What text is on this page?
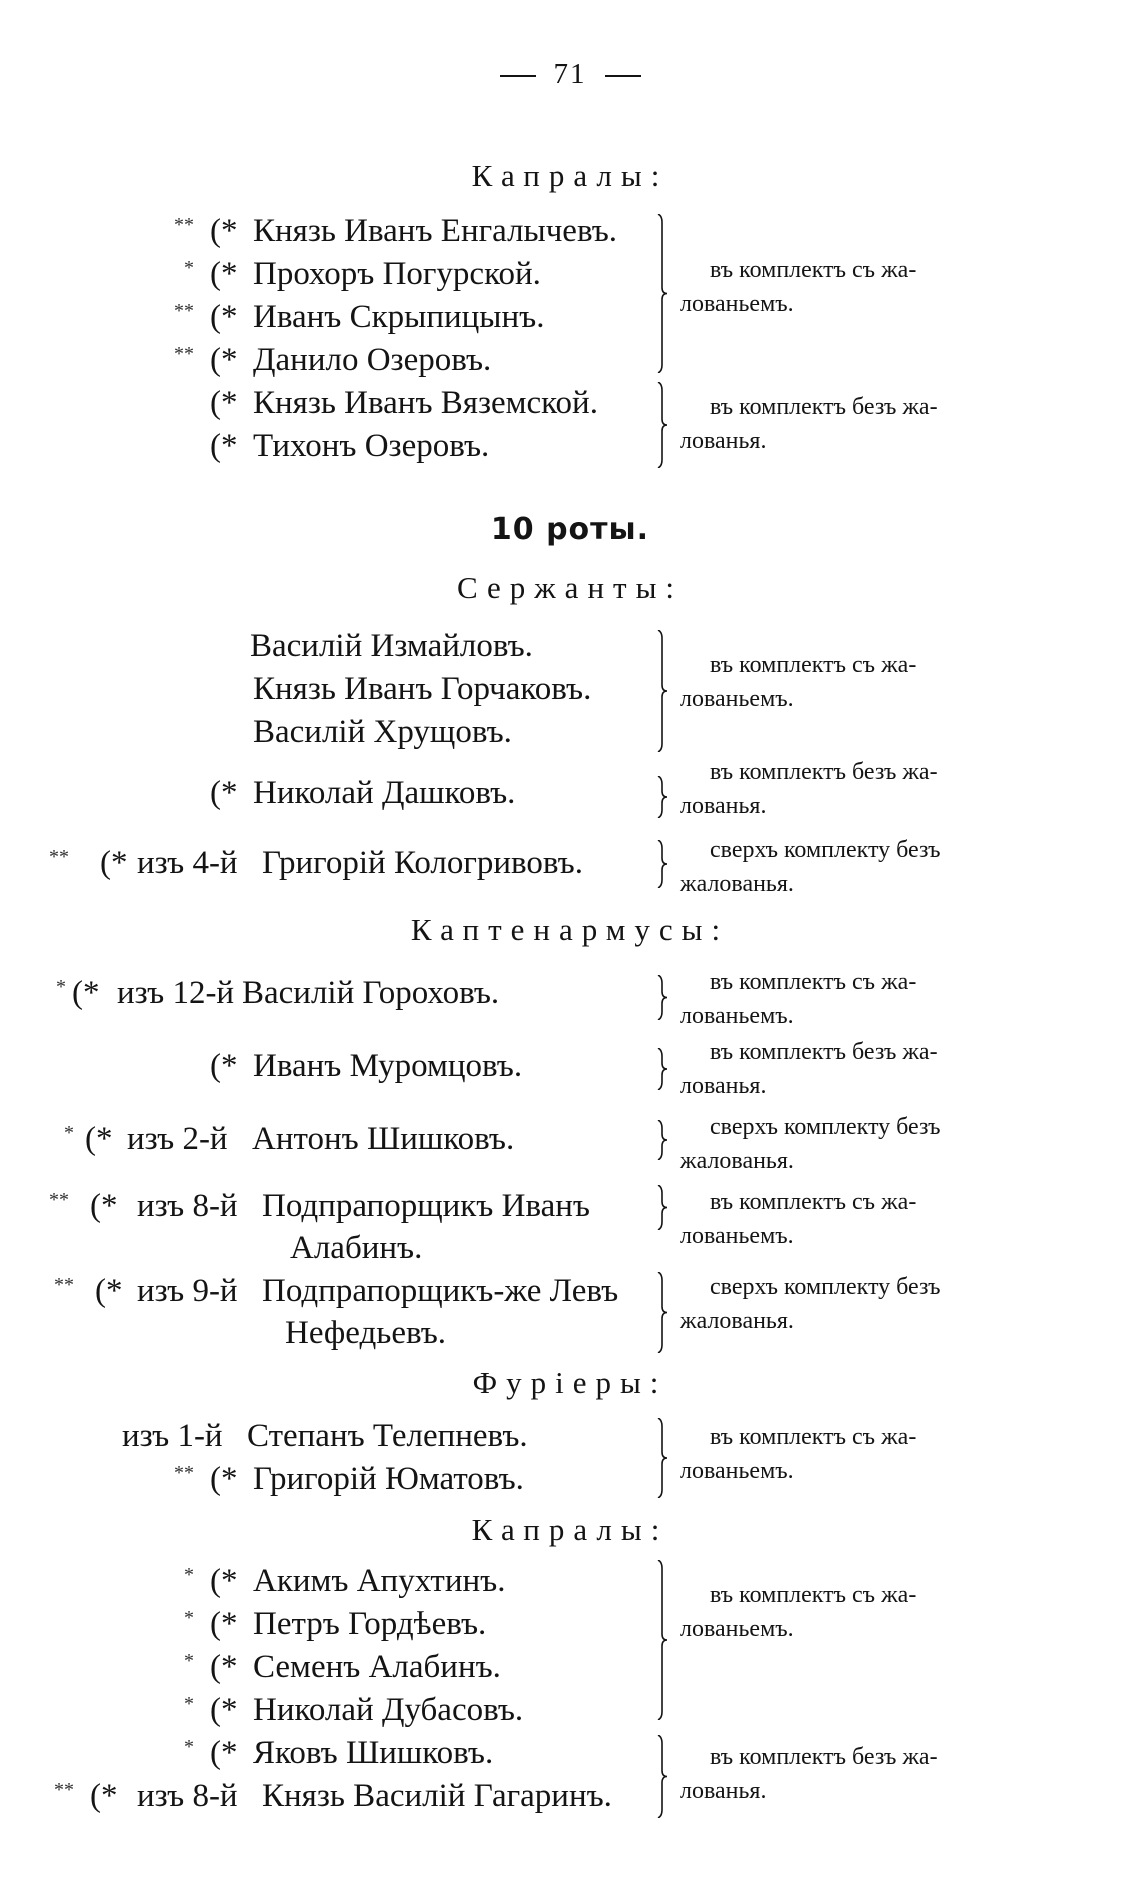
71
Капралы:
10 роты.
Сержанты:
Каптенармусы:
Фуріеры:
Капралы:
** (* Князь Иванъ Енгалычевъ.
* (* Прохоръ Погурской.
** (* Иванъ Скрыпицынъ.
** (* Данило Озеровъ.
(* Князь Иванъ Вяземской.
(* Тихонъ Озеровъ.
Василій Измайловъ.
Князь Иванъ Горчаковъ.
Василій Хрущовъ.
(* Николай Дашковъ.
** (* изъ 4-й Григорій Кологривовъ.
* (* изъ 12-й Василій Гороховъ.
(* Иванъ Муромцовъ.
* (* изъ 2-й Антонъ Шишковъ.
** (* изъ 8-й Подпрапорщикъ Иванъ
Алабинъ.
** (* изъ 9-й Подпрапорщикъ-же Левъ
Нефедьевъ.
изъ 1-й Степанъ Телепневъ.
** (* Григорій Юматовъ.
* (* Акимъ Апухтинъ.
* (* Петръ Гордѣевъ.
* (* Семенъ Алабинъ.
* (* Николай Дубасовъ.
* (* Яковъ Шишковъ.
** (* изъ 8-й Князь Василій Гагаринъ.
въ комплектъ съ жа-
лованьемъ.
въ комплектъ безъ жа-
лованья.
въ комплектъ съ жа-
лованьемъ.
въ комплектъ безъ жа-
лованья.
сверхъ комплекту безъ
жалованья.
въ комплектъ съ жа-
лованьемъ.
въ комплектъ безъ жа-
лованья.
сверхъ комплекту безъ
жалованья.
въ комплектъ съ жа-
лованьемъ.
сверхъ комплекту безъ
жалованья.
въ комплектъ съ жа-
лованьемъ.
въ комплектъ съ жа-
лованьемъ.
въ комплектъ безъ жа-
лованья.
